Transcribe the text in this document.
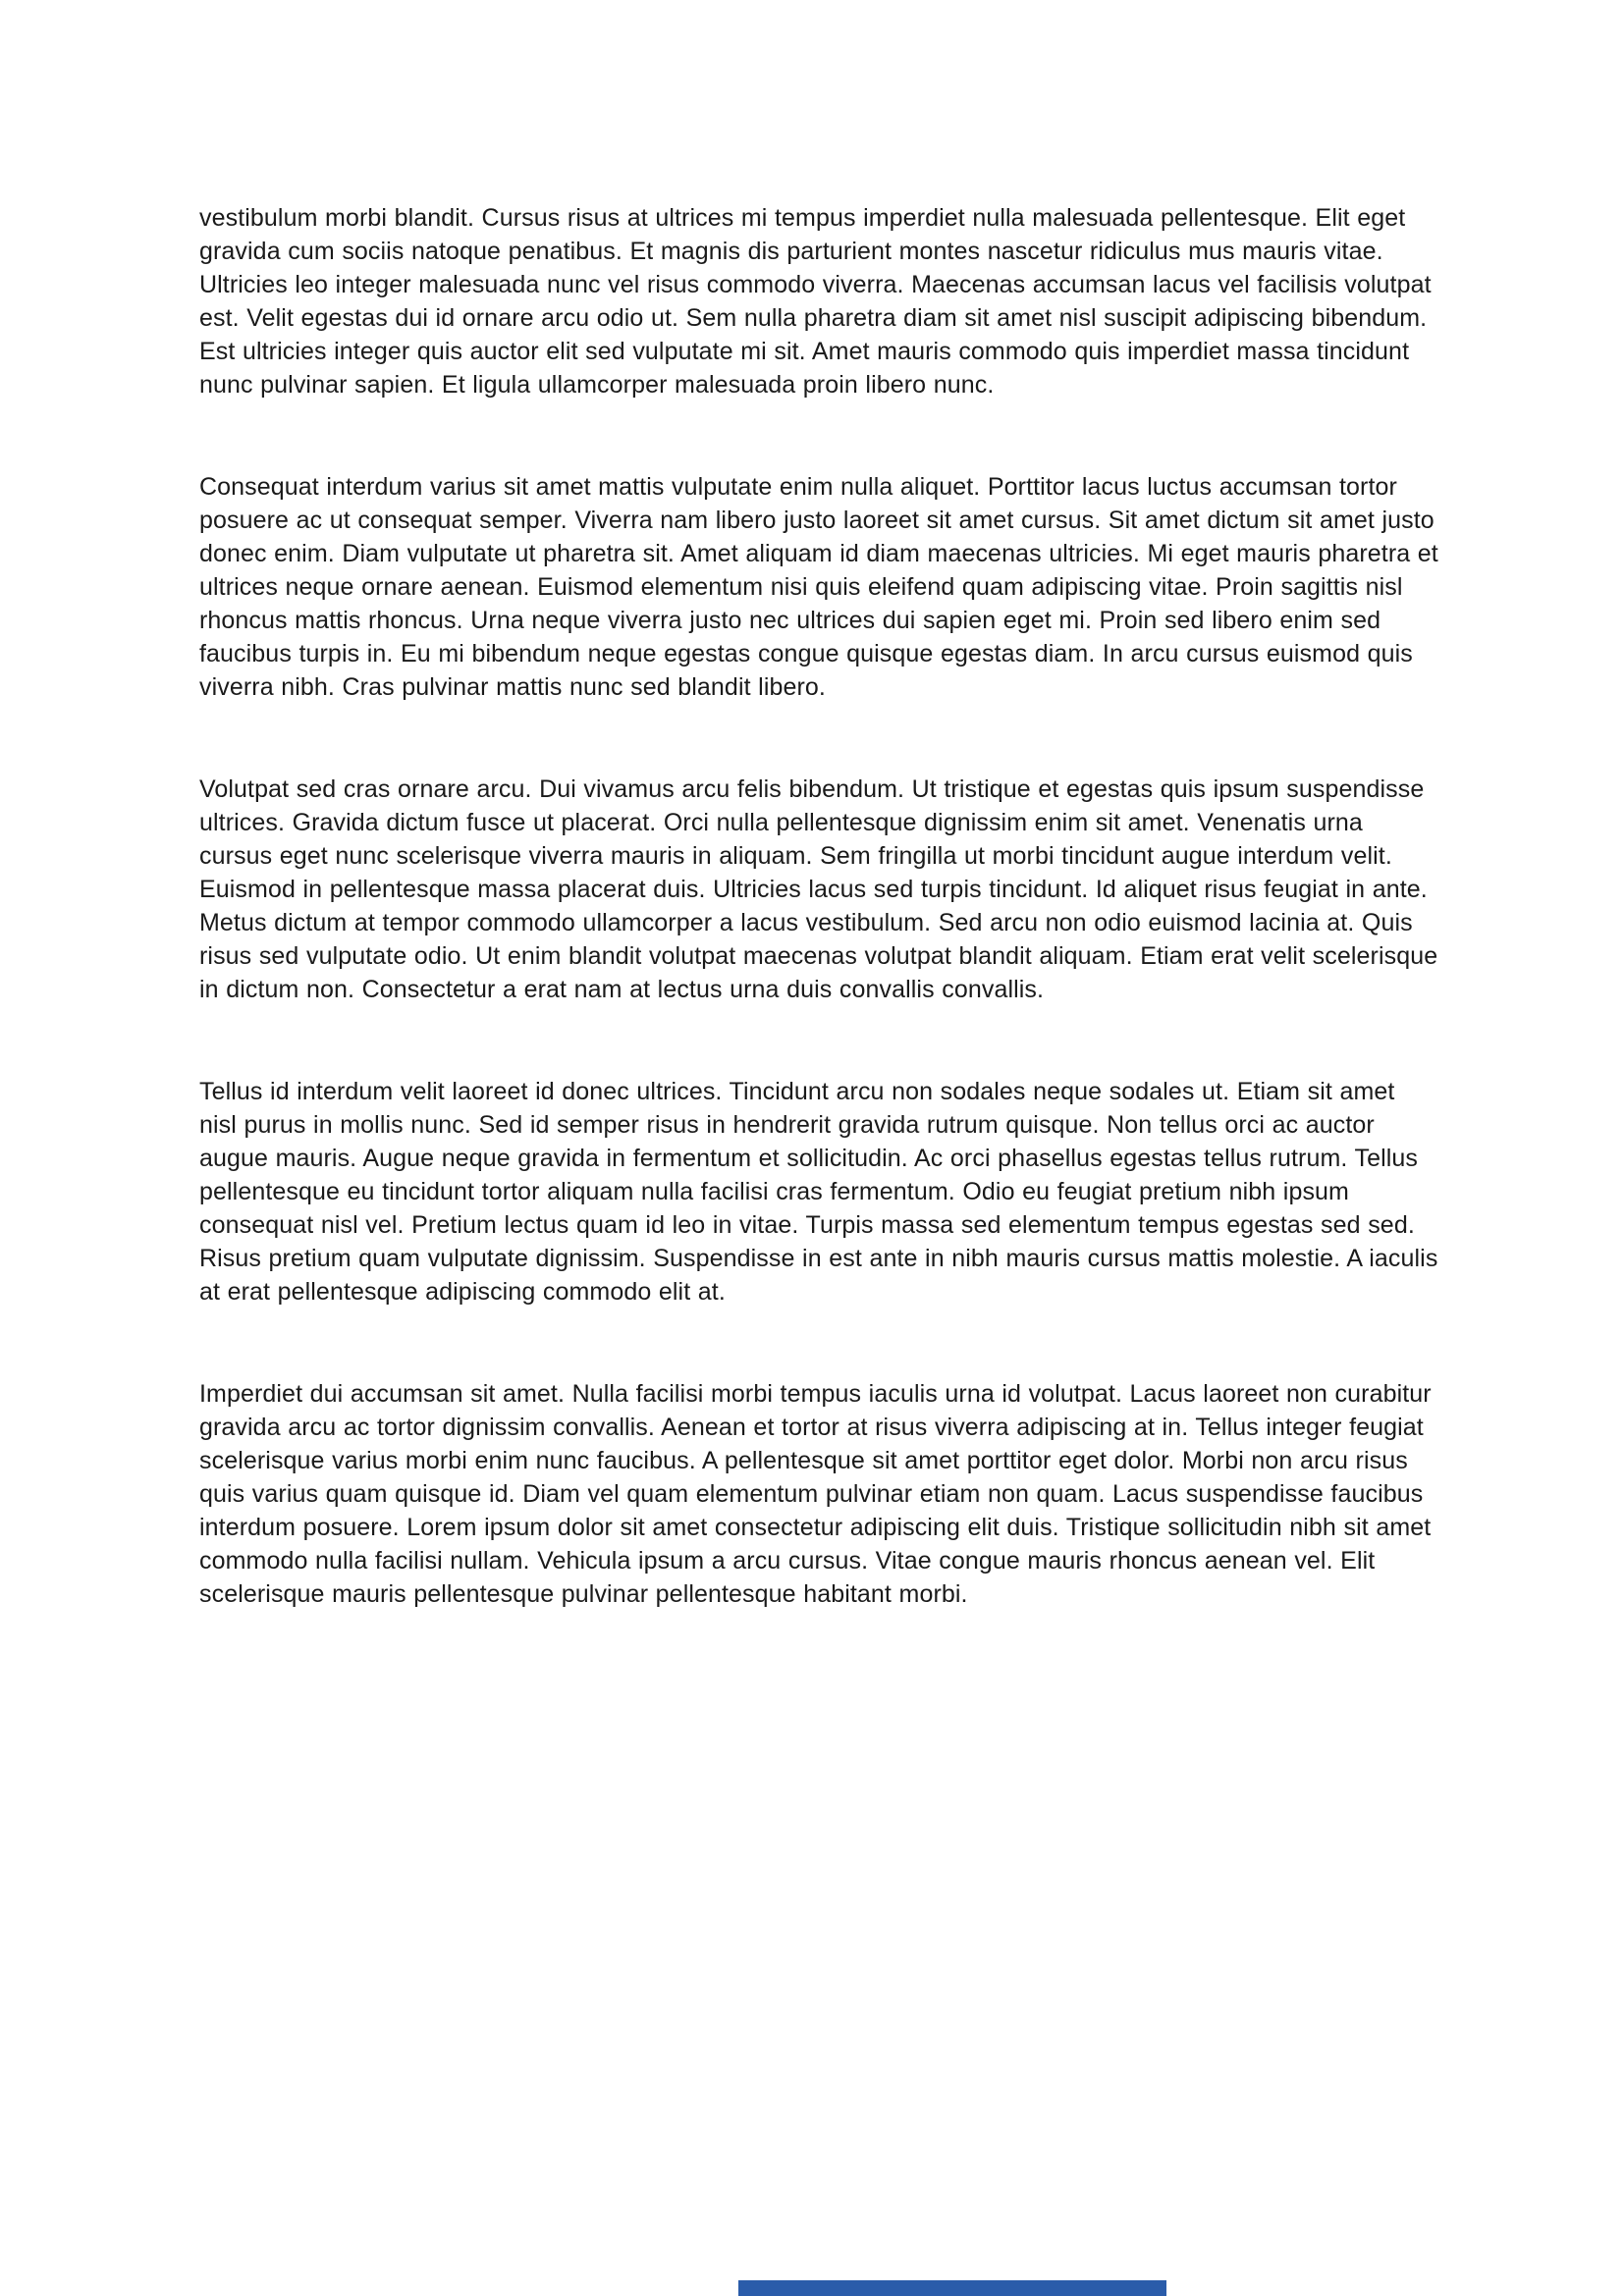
vestibulum morbi blandit. Cursus risus at ultrices mi tempus imperdiet nulla malesuada pellentesque. Elit eget gravida cum sociis natoque penatibus. Et magnis dis parturient montes nascetur ridiculus mus mauris vitae. Ultricies leo integer malesuada nunc vel risus commodo viverra. Maecenas accumsan lacus vel facilisis volutpat est. Velit egestas dui id ornare arcu odio ut. Sem nulla pharetra diam sit amet nisl suscipit adipiscing bibendum. Est ultricies integer quis auctor elit sed vulputate mi sit. Amet mauris commodo quis imperdiet massa tincidunt nunc pulvinar sapien. Et ligula ullamcorper malesuada proin libero nunc.

Consequat interdum varius sit amet mattis vulputate enim nulla aliquet. Porttitor lacus luctus accumsan tortor posuere ac ut consequat semper. Viverra nam libero justo laoreet sit amet cursus. Sit amet dictum sit amet justo donec enim. Diam vulputate ut pharetra sit. Amet aliquam id diam maecenas ultricies. Mi eget mauris pharetra et ultrices neque ornare aenean. Euismod elementum nisi quis eleifend quam adipiscing vitae. Proin sagittis nisl rhoncus mattis rhoncus. Urna neque viverra justo nec ultrices dui sapien eget mi. Proin sed libero enim sed faucibus turpis in. Eu mi bibendum neque egestas congue quisque egestas diam. In arcu cursus euismod quis viverra nibh. Cras pulvinar mattis nunc sed blandit libero.

Volutpat sed cras ornare arcu. Dui vivamus arcu felis bibendum. Ut tristique et egestas quis ipsum suspendisse ultrices. Gravida dictum fusce ut placerat. Orci nulla pellentesque dignissim enim sit amet. Venenatis urna cursus eget nunc scelerisque viverra mauris in aliquam. Sem fringilla ut morbi tincidunt augue interdum velit. Euismod in pellentesque massa placerat duis. Ultricies lacus sed turpis tincidunt. Id aliquet risus feugiat in ante. Metus dictum at tempor commodo ullamcorper a lacus vestibulum. Sed arcu non odio euismod lacinia at. Quis risus sed vulputate odio. Ut enim blandit volutpat maecenas volutpat blandit aliquam. Etiam erat velit scelerisque in dictum non. Consectetur a erat nam at lectus urna duis convallis convallis.

Tellus id interdum velit laoreet id donec ultrices. Tincidunt arcu non sodales neque sodales ut. Etiam sit amet nisl purus in mollis nunc. Sed id semper risus in hendrerit gravida rutrum quisque. Non tellus orci ac auctor augue mauris. Augue neque gravida in fermentum et sollicitudin. Ac orci phasellus egestas tellus rutrum. Tellus pellentesque eu tincidunt tortor aliquam nulla facilisi cras fermentum. Odio eu feugiat pretium nibh ipsum consequat nisl vel. Pretium lectus quam id leo in vitae. Turpis massa sed elementum tempus egestas sed sed. Risus pretium quam vulputate dignissim. Suspendisse in est ante in nibh mauris cursus mattis molestie. A iaculis at erat pellentesque adipiscing commodo elit at.

Imperdiet dui accumsan sit amet. Nulla facilisi morbi tempus iaculis urna id volutpat. Lacus laoreet non curabitur gravida arcu ac tortor dignissim convallis. Aenean et tortor at risus viverra adipiscing at in. Tellus integer feugiat scelerisque varius morbi enim nunc faucibus. A pellentesque sit amet porttitor eget dolor. Morbi non arcu risus quis varius quam quisque id. Diam vel quam elementum pulvinar etiam non quam. Lacus suspendisse faucibus interdum posuere. Lorem ipsum dolor sit amet consectetur adipiscing elit duis. Tristique sollicitudin nibh sit amet commodo nulla facilisi nullam. Vehicula ipsum a arcu cursus. Vitae congue mauris rhoncus aenean vel. Elit scelerisque mauris pellentesque pulvinar pellentesque habitant morbi.
